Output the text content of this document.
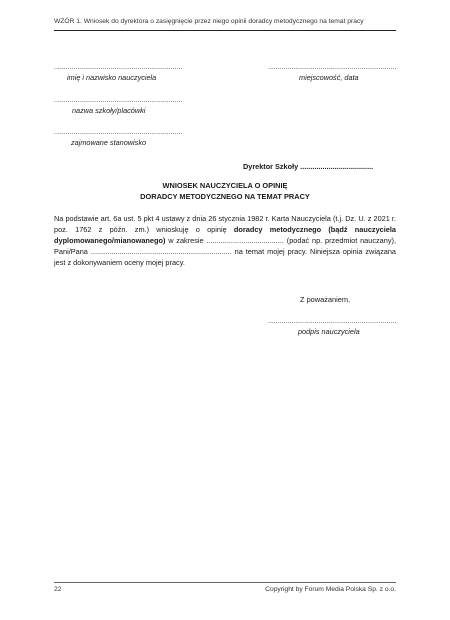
WZÓR 1. Wniosek do dyrektora o zasięgnięcie przez niego opinii doradcy metodycznego na temat pracy
..................................................................
imię i nazwisko nauczyciela
..................................................................
nazwa szkoły/placówki
..................................................................
zajmowane stanowisko
..................................................................
miejscowość, data
Dyrektor Szkoły ....................................
WNIOSEK NAUCZYCIELA O OPINIĘ
DORADCY METODYCZNEGO NA TEMAT PRACY
Na podstawie art. 6a ust. 5 pkt 4 ustawy z dnia 26 stycznia 1982 r. Karta Nauczyciela (t.j. Dz. U. z 2021 r. poz. 1762 z późn. zm.) wnioskuję o opinię doradcy metodycznego (bądź nauczyciela dyplomowanego/mianowanego) w zakresie ...................................... (podać np. przedmiot nauczany), Pani/Pana ..................................................................... na temat mojej pracy. Niniejsza opinia związana jest z dokonywaniem oceny mojej pracy.
Z poważaniem,
..................................................................
podpis nauczyciela
22	Copyright by Forum Media Polska Sp. z o.o.
